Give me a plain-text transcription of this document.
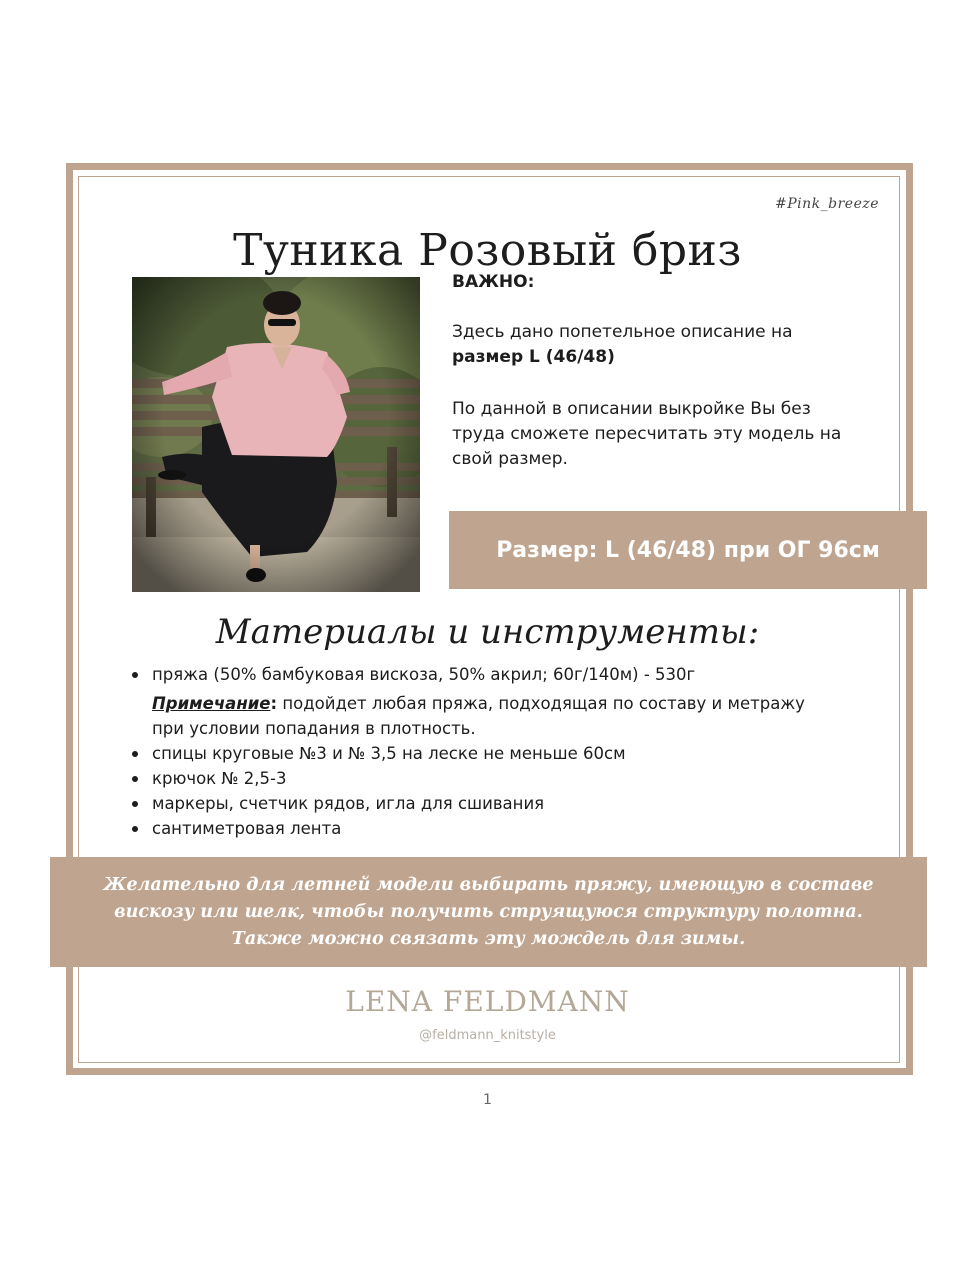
#Pink_breeze
Туника Розовый бриз
ВАЖНО:
Здесь дано попетельное описание на
размер L (46/48)
По данной в описании выкройке Вы без труда сможете пересчитать эту модель на свой размер.
Размер: L (46/48) при ОГ 96см
Материалы и инструменты:
пряжа (50% бамбуковая вискоза, 50% акрил; 60г/140м) - 530г
Примечание: подойдет любая пряжа, подходящая по составу и метражу при условии попадания в плотность.
спицы круговые №3 и № 3,5 на леске не меньше 60см
крючок № 2,5-3
маркеры, счетчик рядов, игла для сшивания
сантиметровая лента
Желательно для летней модели выбирать пряжу, имеющую в составе
вискозу или шелк, чтобы получить струящуюся структуру полотна.
Также можно связать эту мождель для зимы.
LENA FELDMANN
@feldmann_knitstyle
1
